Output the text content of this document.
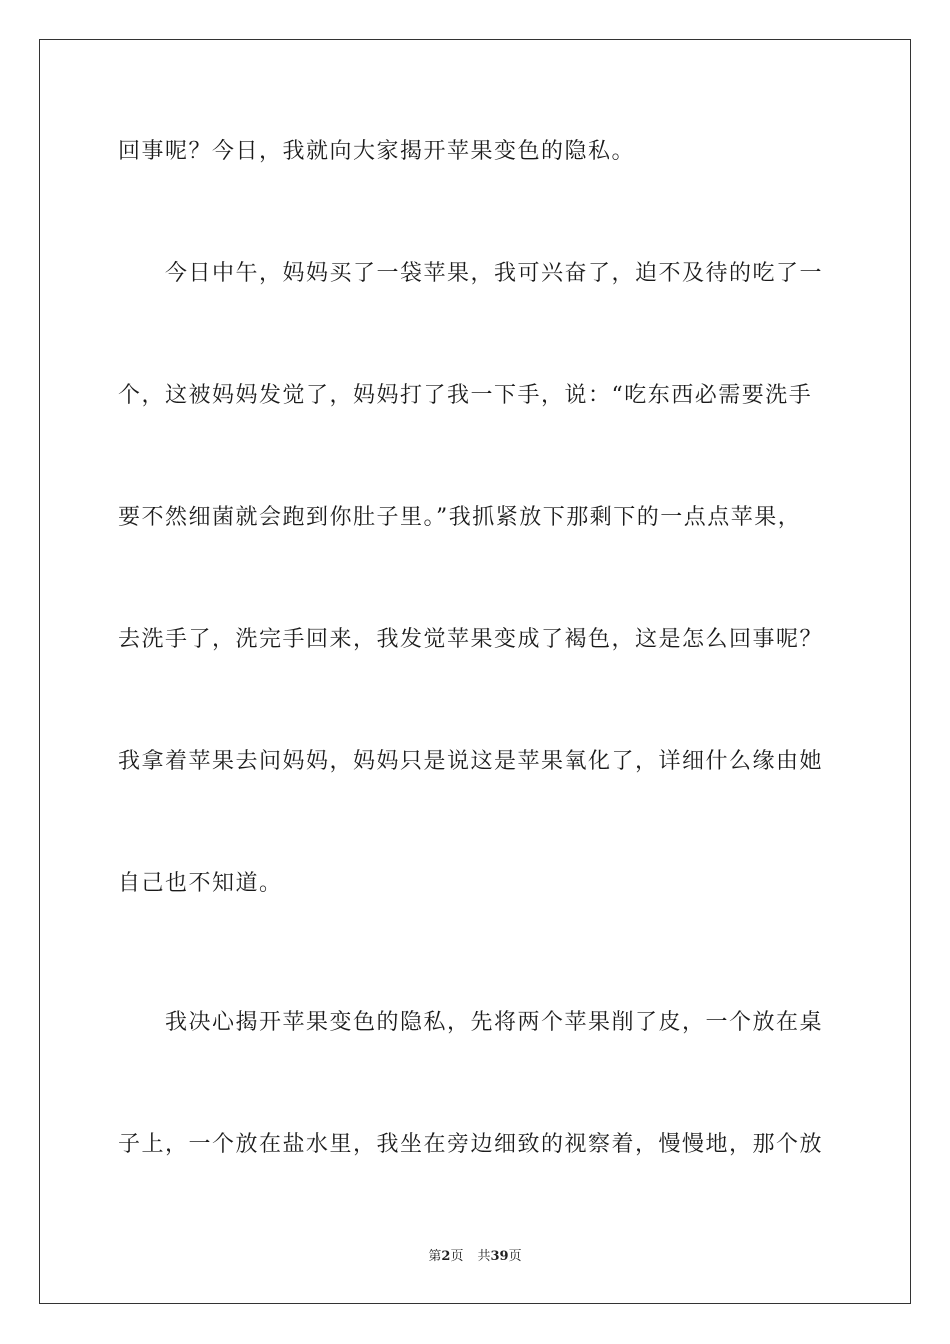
回事呢？今日，我就向大家揭开苹果变色的隐私。
　　今日中午，妈妈买了一袋苹果，我可兴奋了，迫不及待的吃了一
个，这被妈妈发觉了，妈妈打了我一下手，说：“吃东西必需要洗手
要不然细菌就会跑到你肚子里。”我抓紧放下那剩下的一点点苹果，
去洗手了，洗完手回来，我发觉苹果变成了褐色，这是怎么回事呢？
我拿着苹果去问妈妈，妈妈只是说这是苹果氧化了，详细什么缘由她
自己也不知道。
　　我决心揭开苹果变色的隐私，先将两个苹果削了皮，一个放在桌
子上，一个放在盐水里，我坐在旁边细致的视察着，慢慢地，那个放
第2页 共39页
